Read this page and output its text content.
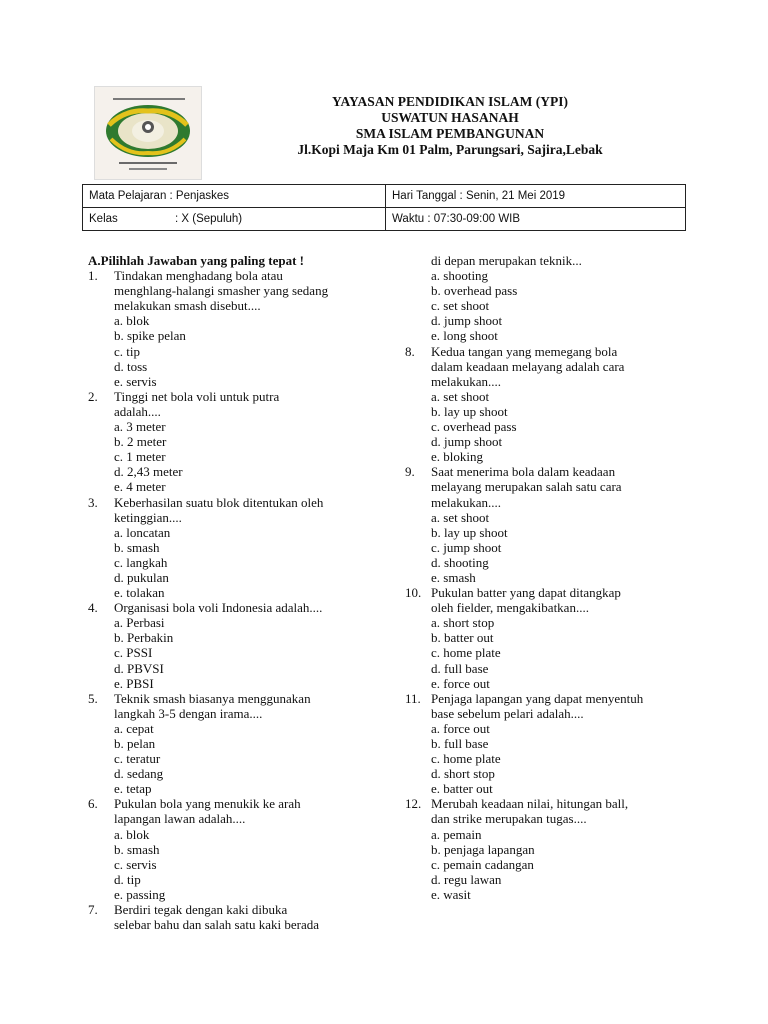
YAYASAN PENDIDIKAN ISLAM (YPI)
USWATUN HASANAH
SMA ISLAM PEMBANGUNAN
Jl.Kopi Maja Km 01 Palm, Parungsari, Sajira,Lebak
Mata Pelajaran : Penjaskes	Hari Tanggal : Senin, 21 Mei 2019
Kelas : X (Sepuluh)	Waktu : 07:30-09:00 WIB
A.Pilihlah Jawaban yang paling tepat !
1. Tindakan menghadang bola atau
menghlang-halangi smasher yang sedang
melakukan smash disebut....
a. blok
b. spike pelan
c. tip
d. toss
e. servis
2. Tinggi net bola voli untuk putra
adalah....
a. 3 meter
b. 2 meter
c. 1 meter
d. 2,43 meter
e. 4 meter
3. Keberhasilan suatu blok ditentukan oleh
ketinggian....
a. loncatan
b. smash
c. langkah
d. pukulan
e. tolakan
4. Organisasi bola voli Indonesia adalah....
a. Perbasi
b. Perbakin
c. PSSI
d. PBVSI
e. PBSI
5. Teknik smash biasanya menggunakan
langkah 3-5 dengan irama....
a. cepat
b. pelan
c. teratur
d. sedang
e. tetap
6. Pukulan bola yang menukik ke arah
lapangan lawan adalah....
a. blok
b. smash
c. servis
d. tip
e. passing
7. Berdiri tegak dengan kaki dibuka
selebar bahu dan salah satu kaki berada
di depan merupakan teknik...
a. shooting
b. overhead pass
c. set shoot
d. jump shoot
e. long shoot
8. Kedua tangan yang memegang bola
dalam keadaan melayang adalah cara
melakukan....
a. set shoot
b. lay up shoot
c. overhead pass
d. jump shoot
e. bloking
9. Saat menerima bola dalam keadaan
melayang merupakan salah satu cara
melakukan....
a. set shoot
b. lay up shoot
c. jump shoot
d. shooting
e. smash
10. Pukulan batter yang dapat ditangkap
oleh fielder, mengakibatkan....
a. short stop
b. batter out
c. home plate
d. full base
e. force out
11. Penjaga lapangan yang dapat menyentuh
base sebelum pelari adalah....
a. force out
b. full base
c. home plate
d. short stop
e. batter out
12. Merubah keadaan nilai, hitungan ball,
dan strike merupakan tugas....
a. pemain
b. penjaga lapangan
c. pemain cadangan
d. regu lawan
e. wasit
